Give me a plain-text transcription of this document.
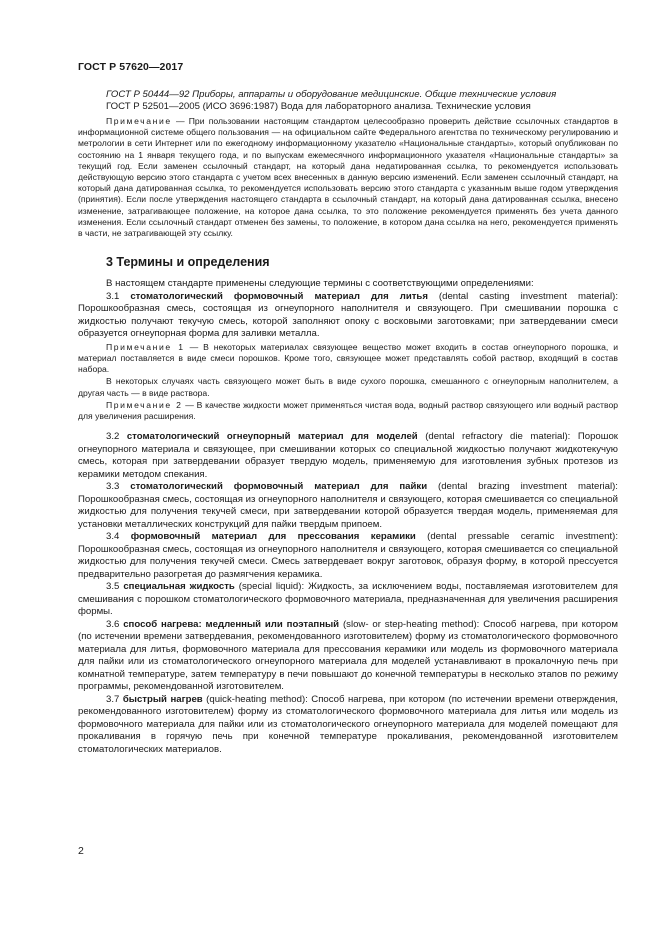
ГОСТ Р 57620—2017
ГОСТ Р 50444—92 Приборы, аппараты и оборудование медицинские. Общие технические условия
ГОСТ Р 52501—2005 (ИСО 3696:1987) Вода для лабораторного анализа. Технические условия
Примечание — При пользовании настоящим стандартом целесообразно проверить действие ссылочных стандартов в информационной системе общего пользования — на официальном сайте Федерального агентства по техническому регулированию и метрологии в сети Интернет или по ежегодному информационному указателю «Национальные стандарты», который опубликован по состоянию на 1 января текущего года, и по выпускам ежемесячного информационного указателя «Национальные стандарты» за текущий год. Если заменен ссылочный стандарт, на который дана недатированная ссылка, то рекомендуется использовать действующую версию этого стандарта с учетом всех внесенных в данную версию изменений. Если заменен ссылочный стандарт, на который дана датированная ссылка, то рекомендуется использовать версию этого стандарта с указанным выше годом утверждения (принятия). Если после утверждения настоящего стандарта в ссылочный стандарт, на который дана датированная ссылка, внесено изменение, затрагивающее положение, на которое дана ссылка, то это положение рекомендуется применять без учета данного изменения. Если ссылочный стандарт отменен без замены, то положение, в котором дана ссылка на него, рекомендуется применять в части, не затрагивающей эту ссылку.
3 Термины и определения

В настоящем стандарте применены следующие термины с соответствующими определениями:

3.1 стоматологический формовочный материал для литья (dental casting investment material): Порошкообразная смесь, состоящая из огнеупорного наполнителя и связующего. При смешивании порошка с жидкостью получают текучую смесь, которой заполняют опоку с восковыми заготовками; при затвердевании смеси образуется огнеупорная форма для заливки металла.

Примечание 1 — В некоторых материалах связующее вещество может входить в состав огнеупорного порошка, и материал поставляется в виде смеси порошков. Кроме того, связующее может представлять собой раствор, входящий в состав набора.

В некоторых случаях часть связующего может быть в виде сухого порошка, смешанного с огнеупорным наполнителем, а другая часть — в виде раствора.

Примечание 2 — В качестве жидкости может применяться чистая вода, водный раствор связующего или водный раствор для увеличения расширения.

3.2 стоматологический огнеупорный материал для моделей (dental refractory die material): Порошок огнеупорного материала и связующее, при смешивании которых со специальной жидкостью получают жидкотекучую смесь, которая при затвердевании образует твердую модель, применяемую для изготовления зубных протезов из керамики методом спекания.

3.3 стоматологический формовочный материал для пайки (dental brazing investment material): Порошкообразная смесь, состоящая из огнеупорного наполнителя и связующего, которая смешивается со специальной жидкостью для получения текучей смеси, при затвердевании которой образуется твердая модель, применяемая для установки металлических конструкций для пайки твердым припоем.

3.4 формовочный материал для прессования керамики (dental pressable ceramic investment): Порошкообразная смесь, состоящая из огнеупорного наполнителя и связующего, которая смешивается со специальной жидкостью для получения текучей смеси. Смесь затвердевает вокруг заготовок, образуя форму, в которой прессуется предварительно разогретая до размягчения керамика.

3.5 специальная жидкость (special liquid): Жидкость, за исключением воды, поставляемая изготовителем для смешивания с порошком стоматологического формовочного материала, предназначенная для увеличения расширения формы.

3.6 способ нагрева: медленный или поэтапный (slow- or step-heating method): Способ нагрева, при котором (по истечении времени затвердевания, рекомендованного изготовителем) форму из стоматологического формовочного материала для литья, формовочного материала для прессования керамики или модель из формовочного материала для пайки или из стоматологического огнеупорного материала для моделей устанавливают в прокалочную печь при комнатной температуре, затем температуру в печи повышают до конечной температуры в несколько этапов по режиму программы, рекомендованной изготовителем.

3.7 быстрый нагрев (quick-heating method): Способ нагрева, при котором (по истечении времени отверждения, рекомендованного изготовителем) форму из стоматологического формовочного материала для литья или модель из формовочного материала для пайки или из стоматологического огнеупорного материала для моделей помещают для прокаливания в горячую печь при конечной температуре прокаливания, рекомендованной изготовителем стоматологических материалов.

2
